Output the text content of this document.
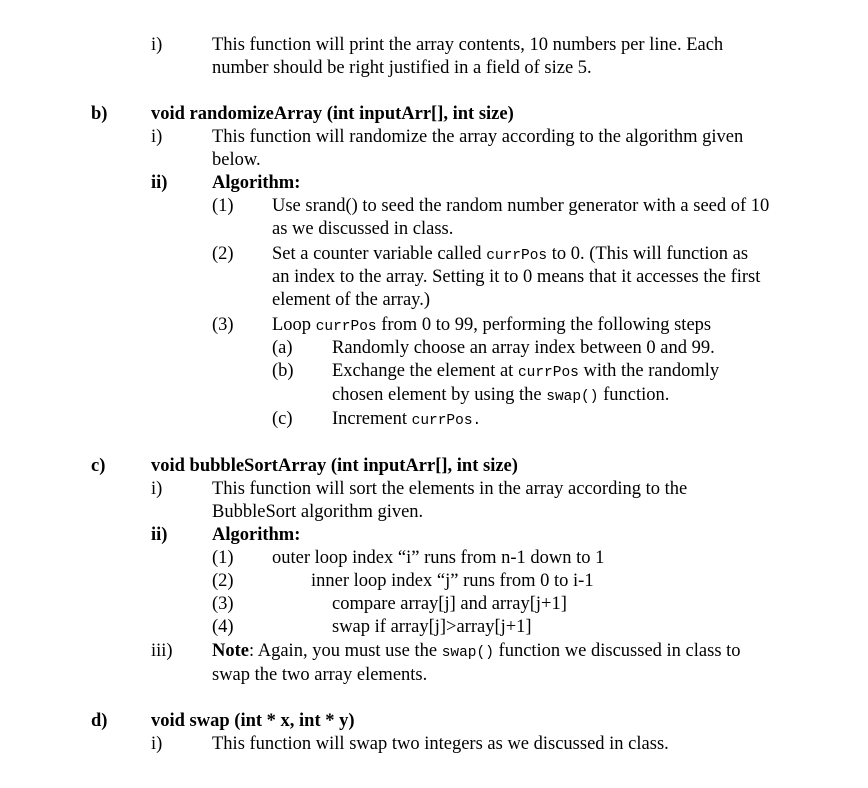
i)	This function will print the array contents, 10 numbers per line. Each
number should be right justified in a field of size 5.
b) void randomizeArray (int inputArr[], int size)
i)	This function will randomize the array according to the algorithm given
below.
ii) Algorithm:
(1) Use srand() to seed the random number generator with a seed of 10
as we discussed in class.
(2) Set a counter variable called currPos to 0. (This will function as
an index to the array. Setting it to 0 means that it accesses the first
element of the array.)
(3) Loop currPos from 0 to 99, performing the following steps
(a) Randomly choose an array index between 0 and 99.
(b) Exchange the element at currPos with the randomly
chosen element by using the swap() function.
(c) Increment currPos.
c) void bubbleSortArray (int inputArr[], int size)
i)	This function will sort the elements in the array according to the
BubbleSort algorithm given.
ii) Algorithm:
(1) outer loop index “i” runs from n-1 down to 1
(2)	inner loop index “j” runs from 0 to i-1
(3)	compare array[j] and array[j+1]
(4)	swap if array[j]>array[j+1]
iii) Note: Again, you must use the swap() function we discussed in class to
swap the two array elements.
d) void swap (int * x, int * y)
i)	This function will swap two integers as we discussed in class.
